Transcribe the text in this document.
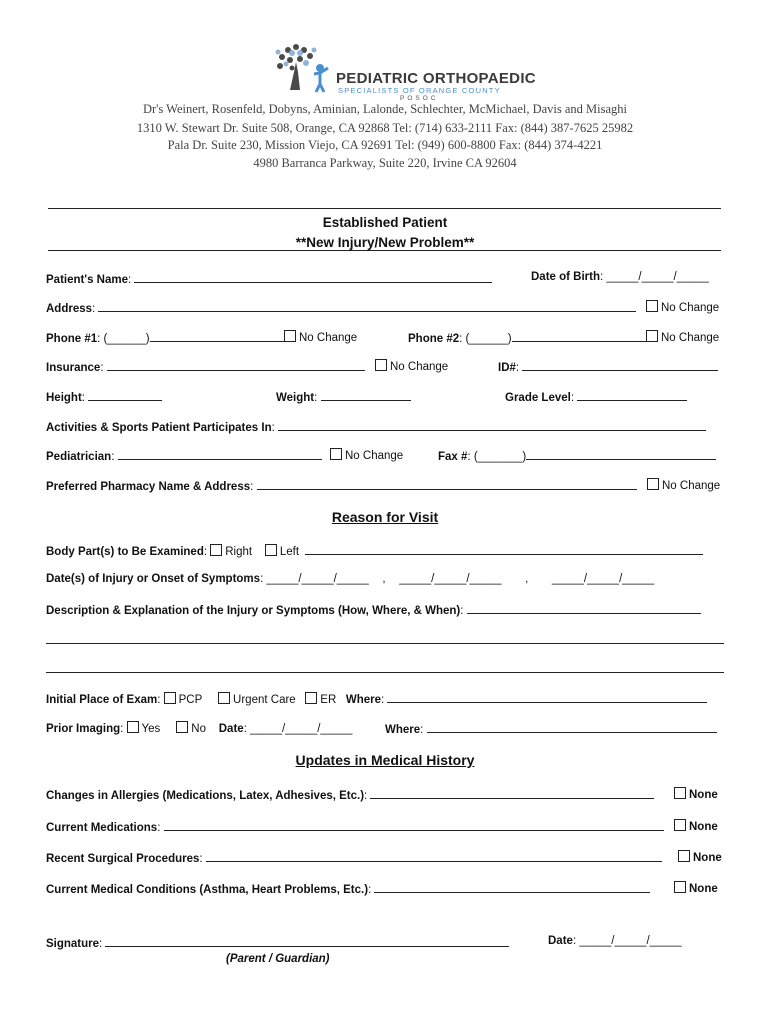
PEDIATRIC ORTHOPAEDIC
SPECIALISTS OF ORANGE COUNTY
POSOC
Dr's Weinert, Rosenfeld, Dobyns, Aminian, Lalonde, Schlechter, McMichael, Davis and Misaghi
1310 W. Stewart Dr. Suite 508, Orange, CA 92868 Tel: (714) 633-2111 Fax: (844) 387-7625 25982
Pala Dr. Suite 230, Mission Viejo, CA 92691 Tel: (949) 600-8800 Fax: (844) 374-4221
4980 Barranca Parkway, Suite 220, Irvine CA 92604
Established Patient
**New Injury/New Problem**
Patient's Name:	Date of Birth: _____/_____/_____
Address:	No Change
Phone #1: (______)	No Change	Phone #2: (______)	No Change
Insurance:	No Change	ID#:
Height:	Weight:	Grade Level:
Activities & Sports Patient Participates In:
Pediatrician:	No Change	Fax #: (_______)
Preferred Pharmacy Name & Address:	No Change
Reason for Visit
Body Part(s) to Be Examined: Right Left
Date(s) of Injury or Onset of Symptoms: _____/_____/_____ , _____/_____/_____ , _____/_____/_____
Description & Explanation of the Injury or Symptoms (How, Where, & When):
Initial Place of Exam: PCP	Urgent Care ER Where:
Prior Imaging: Yes	No Date: _____/_____/_____	Where:
Updates in Medical History
Changes in Allergies (Medications, Latex, Adhesives, Etc.):	None
Current Medications:	None
Recent Surgical Procedures:	None
Current Medical Conditions (Asthma, Heart Problems, Etc.):	None
Signature:	Date: _____/_____/_____
(Parent / Guardian)
